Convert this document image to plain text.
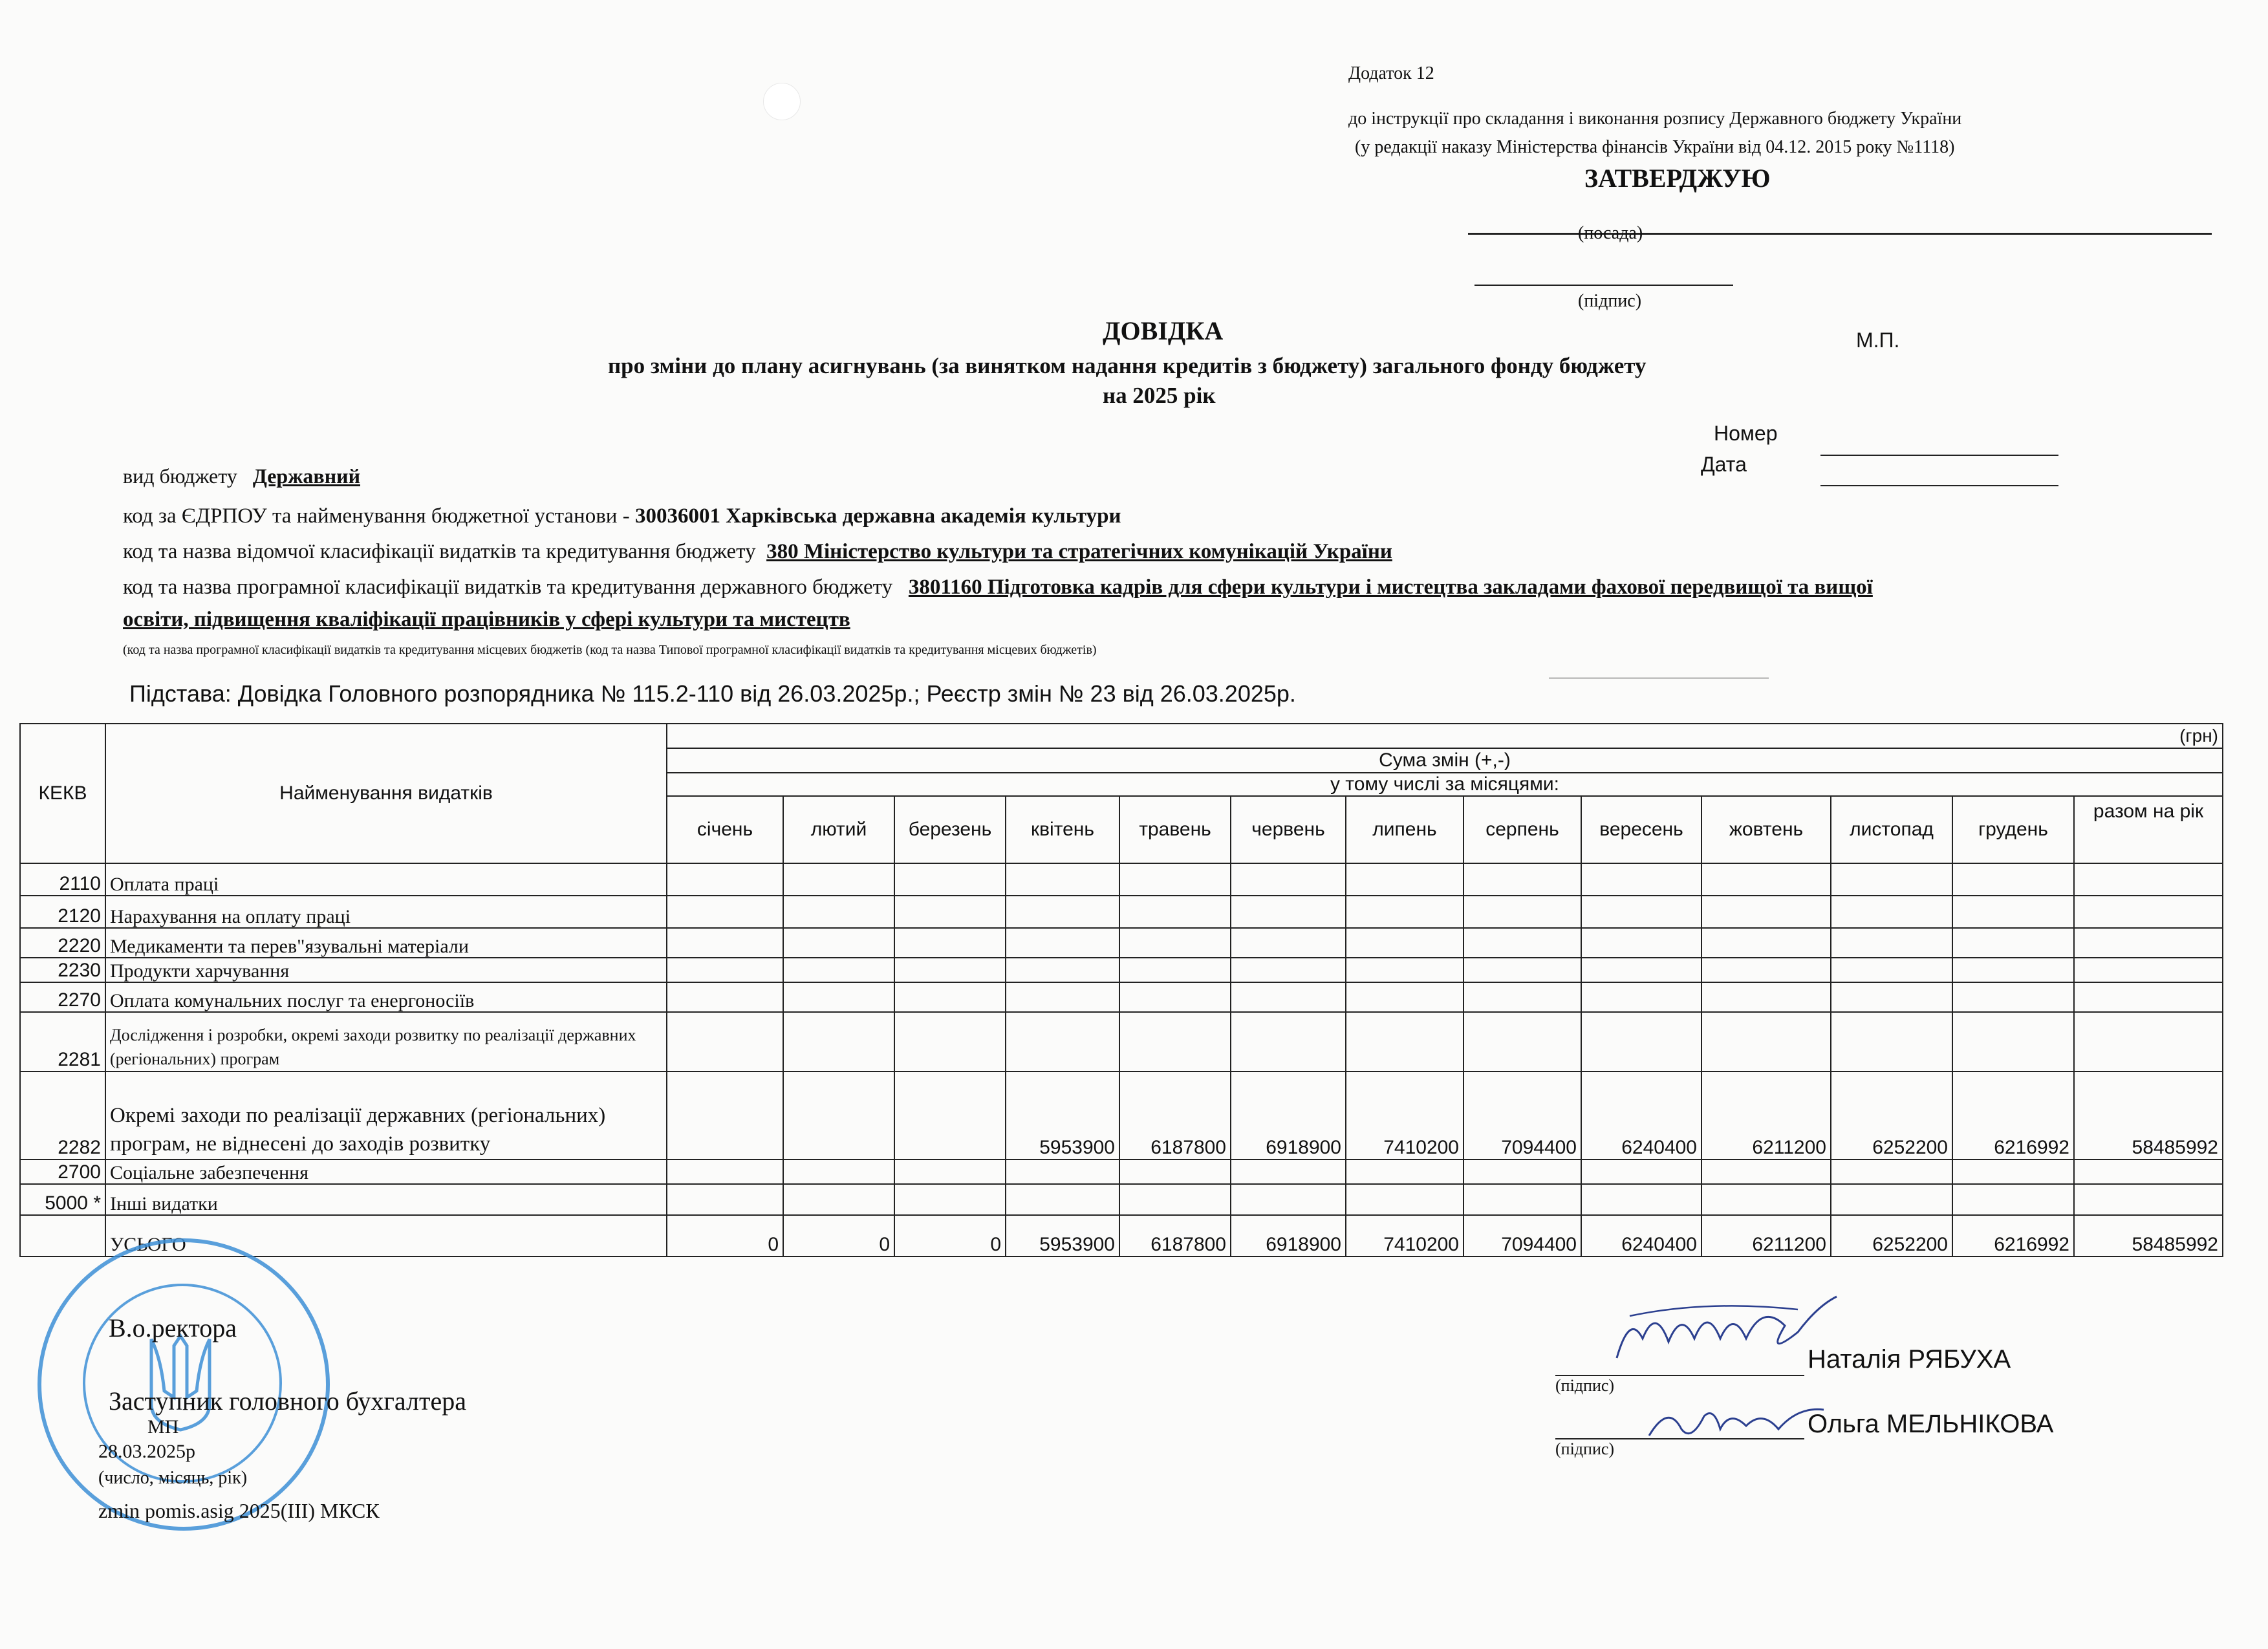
Додаток 12
до інструкції про складання і виконання розпису Державного бюджету України
(у редакції наказу Міністерства фінансів України від 04.12. 2015 року №1118)
ЗАТВЕРДЖУЮ
(посада)
(підпис)
М.П.
ДОВІДКА
про зміни до плану асигнувань (за винятком надання кредитів з бюджету) загального фонду бюджету
на 2025 рік
Номер
Дата
вид бюджету Державний
код за ЄДРПОУ та найменування бюджетної установи - 30036001 Харківська державна академія культури
код та назва відомчої класифікації видатків та кредитування бюджету 380 Міністерство культури та стратегічних комунікацій України
код та назва програмної класифікації видатків та кредитування державного бюджету 3801160 Підготовка кадрів для сфери культури і мистецтва закладами фахової передвищої та вищої
освіти, підвищення кваліфікації працівників у сфері культури та мистецтв
(код та назва програмної класифікації видатків та кредитування місцевих бюджетів (код та назва Типової програмної класифікації видатків та кредитування місцевих бюджетів)
Підстава: Довідка Головного розпорядника № 115.2-110 від 26.03.2025р.; Реєстр змін № 23 від 26.03.2025р.
КЕКВ	Найменування видатків	(грн)												
		Сума змін (+,-)												
		у тому числі за місяцями:												
		січень	лютий	березень	квітень	травень	червень	липень	серпень	вересень	жовтень	листопад	грудень	разом на рік
2110	Оплата праці													
2120	Нарахування на оплату праці													
2220	Медикаменти та перев"язувальні матеріали													
2230	Продукти харчування													
2270	Оплата комунальних послуг та енергоносіїв													
2281	Дослідження і розробки, окремі заходи розвитку по реалізації державних (регіональних) програм													
2282	Окремі заходи по реалізації державних (регіональних) програм, не віднесені до заходів розвитку				5953900	6187800	6918900	7410200	7094400	6240400	6211200	6252200	6216992	58485992
2700	Соціальне забезпечення													
5000 *	Інші видатки													
	УСЬОГО	0	0	0	5953900	6187800	6918900	7410200	7094400	6240400	6211200	6252200	6216992	58485992
В.о.ректора
Заступник головного бухгалтера
МП
28.03.2025р
(число, місяць, рік)
zmin pomis.asig 2025(III) МКСК
Наталія РЯБУХА
(підпис)
Ольга МЕЛЬНІКОВА
(підпис)
